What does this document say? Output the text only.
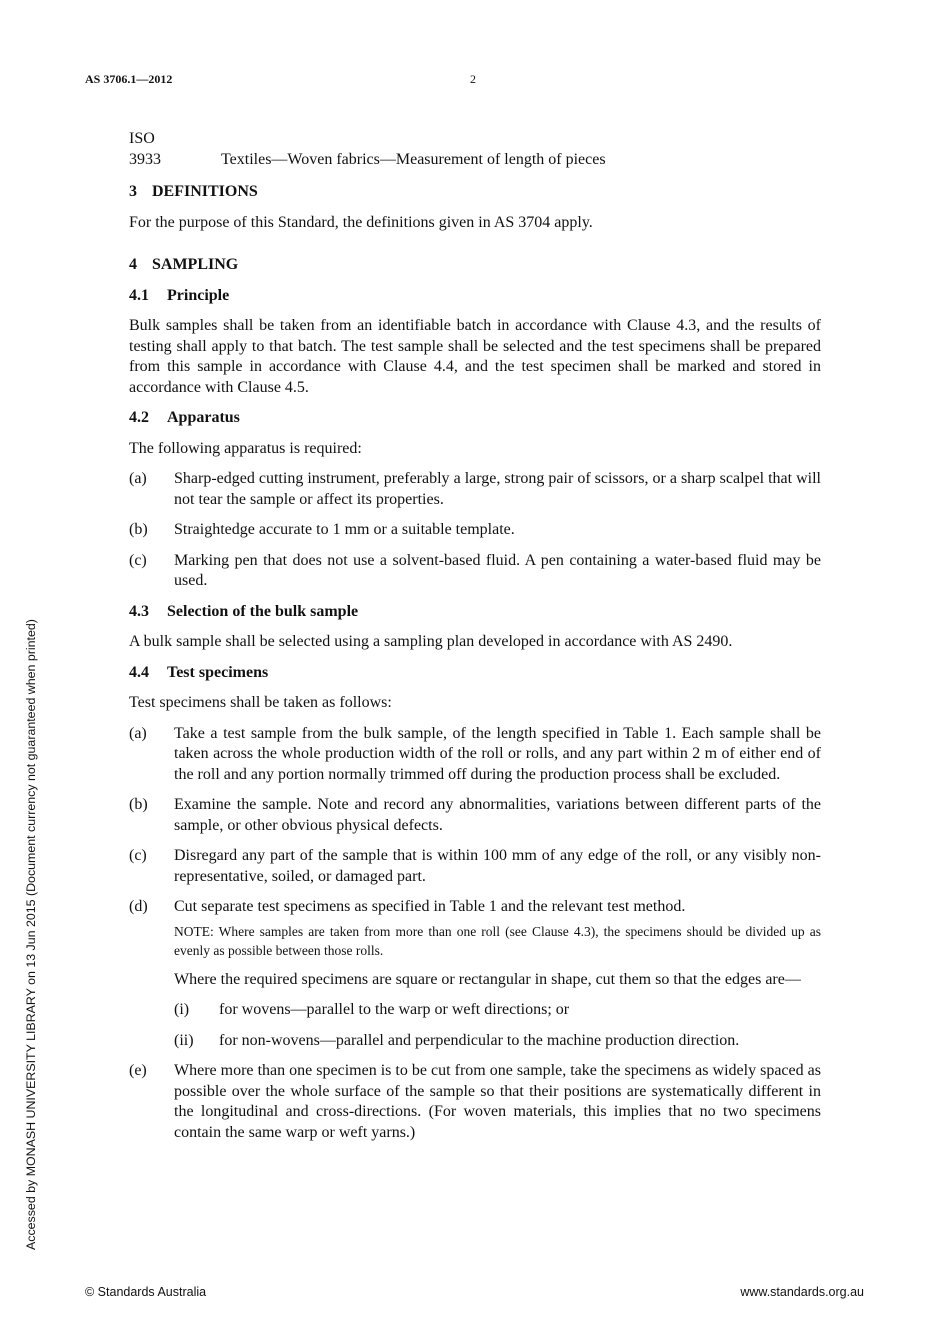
AS 3706.1—2012	2
Accessed by MONASH UNIVERSITY LIBRARY on 13 Jun 2015 (Document currency not guaranteed when printed)
ISO
3933	Textiles—Woven fabrics—Measurement of length of pieces
3 DEFINITIONS

For the purpose of this Standard, the definitions given in AS 3704 apply.

4 SAMPLING
4.1 Principle

Bulk samples shall be taken from an identifiable batch in accordance with Clause 4.3, and the results of testing shall apply to that batch. The test sample shall be selected and the test specimens shall be prepared from this sample in accordance with Clause 4.4, and the test specimen shall be marked and stored in accordance with Clause 4.5.

4.2 Apparatus

The following apparatus is required:

(a)	Sharp-edged cutting instrument, preferably a large, strong pair of scissors, or a sharp scalpel that will not tear the sample or affect its properties.
(b)	Straightedge accurate to 1 mm or a suitable template.
(c)	Marking pen that does not use a solvent-based fluid. A pen containing a water-based fluid may be used.
4.3 Selection of the bulk sample

A bulk sample shall be selected using a sampling plan developed in accordance with AS 2490.

4.4 Test specimens

Test specimens shall be taken as follows:

(a)	Take a test sample from the bulk sample, of the length specified in Table 1. Each sample shall be taken across the whole production width of the roll or rolls, and any part within 2 m of either end of the roll and any portion normally trimmed off during the production process shall be excluded.
(b)	Examine the sample. Note and record any abnormalities, variations between different parts of the sample, or other obvious physical defects.
(c)	Disregard any part of the sample that is within 100 mm of any edge of the roll, or any visibly non-representative, soiled, or damaged part.
(d)	Cut separate test specimens as specified in Table 1 and the relevant test method.
NOTE: Where samples are taken from more than one roll (see Clause 4.3), the specimens should be divided up as evenly as possible between those rolls.

Where the required specimens are square or rectangular in shape, cut them so that the edges are—

(i)	for wovens—parallel to the warp or weft directions; or
(ii)	for non-wovens—parallel and perpendicular to the machine production direction.
(e)	Where more than one specimen is to be cut from one sample, take the specimens as widely spaced as possible over the whole surface of the sample so that their positions are systematically different in the longitudinal and cross-directions. (For woven materials, this implies that no two specimens contain the same warp or weft yarns.)
© Standards Australia	www.standards.org.au
